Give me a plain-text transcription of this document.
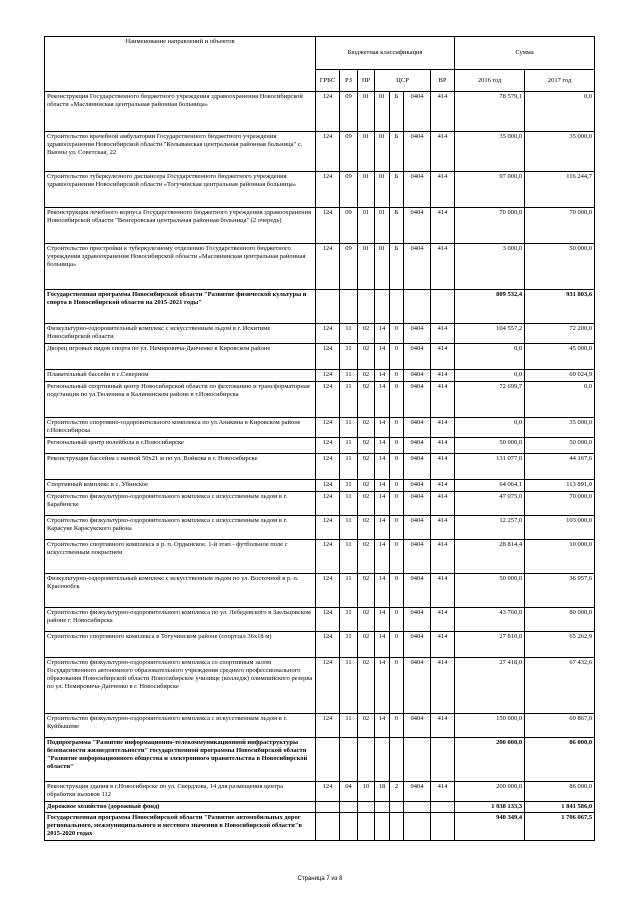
Наименование направлений и объектов	Бюджетная классификация							Сумма	
	ГРБС	РЗ	ПР	ЦСР			ВР	2016 год	2017 год
Реконструкция Государственного бюджетного учреждения здравоохранения Новосибирской области «Маслянинская центральная районная больница»	124	09	01	01	Б	0404	414	78 579,1	0,0
Строительство врачебной амбулатории Государственного бюджетного учреждения здравоохранения Новосибирской области "Колыванская центральная районная больница" с. Вьюны ул. Советская, 22	124	09	01	01	Б	0404	414	35 000,0	35 000,0
Строительство туберкулезного диспансера Государственного бюджетного учреждения здравоохранения Новосибирской области «Тогучинская центральная районная больница»	124	09	01	01	Б	0404	414	97 000,0	116 244,7
Реконструкция лечебного корпуса Государственного бюджетного учреждения здравоохранения Новосибирской области "Венгеровская центральная районная больница" (2 очередь)	124	09	01	01	Б	0404	414	70 000,0	70 000,0
Строительство пристройки к туберкулезному отделению Государственного бюджетного учреждения здравоохранения Новосибирской области «Маслянинская центральная районная больница»	124	09	01	01	Б	0404	414	3 000,0	50 000,0
Государственная программа Новосибирской области "Развитие физической культуры и спорта в Новосибирской области на 2015-2021 годы"								809 532,4	931 803,6
Физкультурно-оздоровительный комплекс с искусственным льдом в г. Искитиме Новосибирской области	124	11	02	14	0	0404	414	104 557,2	72 200,0
Дворец игровых видов спорта по ул. Немировича-Данченко в Кировском районе	124	11	02	14	0	0404	414	0,0	45 000,0
Плавательный бассейн в с.Северном	124	11	02	14	0	0404	414	0,0	69 024,9
Региональный спортивный центр Новосибирской области по фехтованию и трансформаторная подстанция по ул.Тюленина в Калининском районе в г.Новосибирска	124	11	02	14	0	0404	414	72 699,7	0,0
Строительство спортивно-оздоровительного комплекса по ул.Аникина в Кировском районе г.Новосибирска	124	11	02	14	0	0404	414	0,0	35 000,0
Региональный центр волейбола в г.Новосибирске	124	11	02	14	0	0404	414	50 000,0	50 000,0
Реконструкция бассейна с ванной 50х21 м по ул. Войкова в г. Новосибирске	124	11	02	14	0	0404	414	131 077,0	44 167,6
Спортивный комплекс в с. Убинское	124	11	02	14	0	0404	414	64 064,1	113 891,0
Строительство физкультурно-оздоровительного комплекса с искусственным льдом в г. Барабинске	124	11	02	14	0	0404	414	47 075,0	70 000,0
Строительство физкультурно-оздоровительного комплекса с искусственным льдом в г. Карасуке Карасукского района	124	11	02	14	0	0404	414	12 257,0	103 000,0
Строительство спортивного комплекса в р. п. Ордынское. 1-й этап - футбольное поле с искусственным покрытием	124	11	02	14	0	0404	414	28 814,4	10 000,0
Физкультурно-оздоровительный комплекс с искусственным льдом по ул. Восточной в р. п. Краснообск	124	11	02	14	0	0404	414	50 000,0	36 957,6
Строительство физкультурно-оздоровительного комплекса по ул. Лебедевского в Заельцовском районе г. Новосибирска	124	11	02	14	0	0404	414	43 760,0	80 000,0
Строительство спортивного комплекса в Тогучинском районе (спортзал 36х18 м)	124	11	02	14	0	0404	414	27 810,0	65 262,9
Строительство физкультурно-оздоровительного комплекса со спортивным залом Государственного автономного образовательного учреждения среднего профессионального образования Новосибирской области Новосибирское училище (колледж) олимпийского резерва по ул. Немировича-Данченко в г. Новосибирске	124	11	02	14	0	0404	414	27 418,0	67 432,6
Строительство физкультурно-оздоровительного комплекса с искусственным льдом в г. Куйбышеве	124	11	02	14	0	0404	414	150 000,0	69 867,0
Подпрограмма "Развитие информационно-телекоммуникационной инфраструктуры безопасности жизнедеятельности" государственной программы Новосибирской области "Развитие информационного общества и электронного правительства в Новосибирской области"								200 000,0	86 000,0
Реконструкция здания в г.Новосибирске по ул. Свердлова, 14 для размещения центра обработки вызовов 112	124	04	10	18	2	0404	414	200 000,0	86 000,0
Дорожное хозяйство (дорожный фонд)								1 038 133,3	1 841 586,0
Государственная программа Новосибирской области "Развитие автомобильных дорог регионального, межмуниципального и местного значения в Новосибирской области"в 2015-2020 годах								940 349,4	1 706 067,5
Страница 7 из 8
